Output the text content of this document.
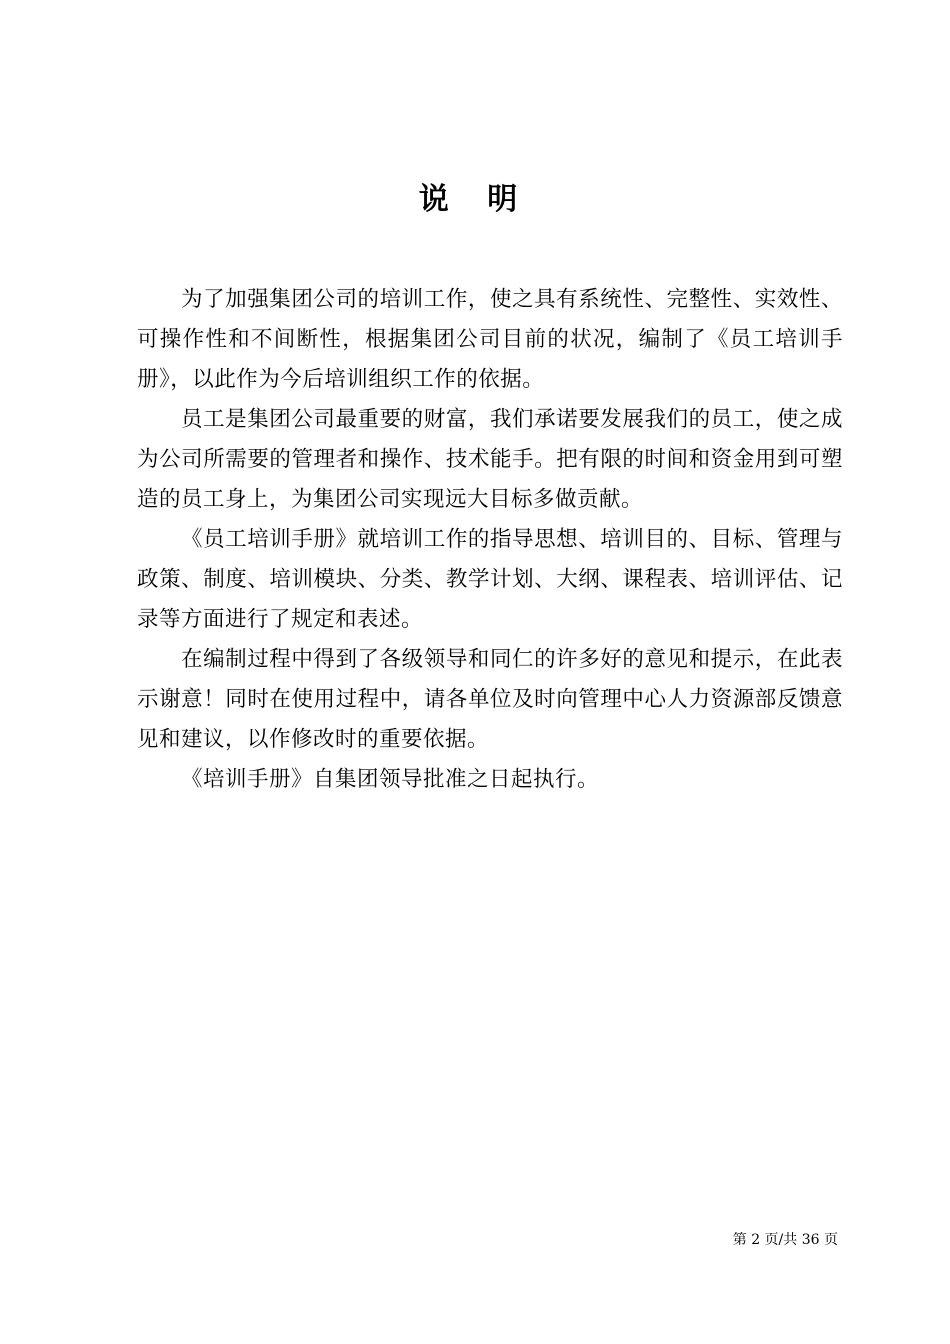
说 明

为了加强集团公司的培训工作，使之具有系统性、完整性、实效性、可操作性和不间断性，根据集团公司目前的状况，编制了《员工培训手册》，以此作为今后培训组织工作的依据。

员工是集团公司最重要的财富，我们承诺要发展我们的员工，使之成为公司所需要的管理者和操作、技术能手。把有限的时间和资金用到可塑造的员工身上，为集团公司实现远大目标多做贡献。

《员工培训手册》就培训工作的指导思想、培训目的、目标、管理与政策、制度、培训模块、分类、教学计划、大纲、课程表、培训评估、记录等方面进行了规定和表述。

在编制过程中得到了各级领导和同仁的许多好的意见和提示，在此表示谢意！同时在使用过程中，请各单位及时向管理中心人力资源部反馈意见和建议，以作修改时的重要依据。

《培训手册》自集团领导批准之日起执行。

第 2 页/共 36 页
